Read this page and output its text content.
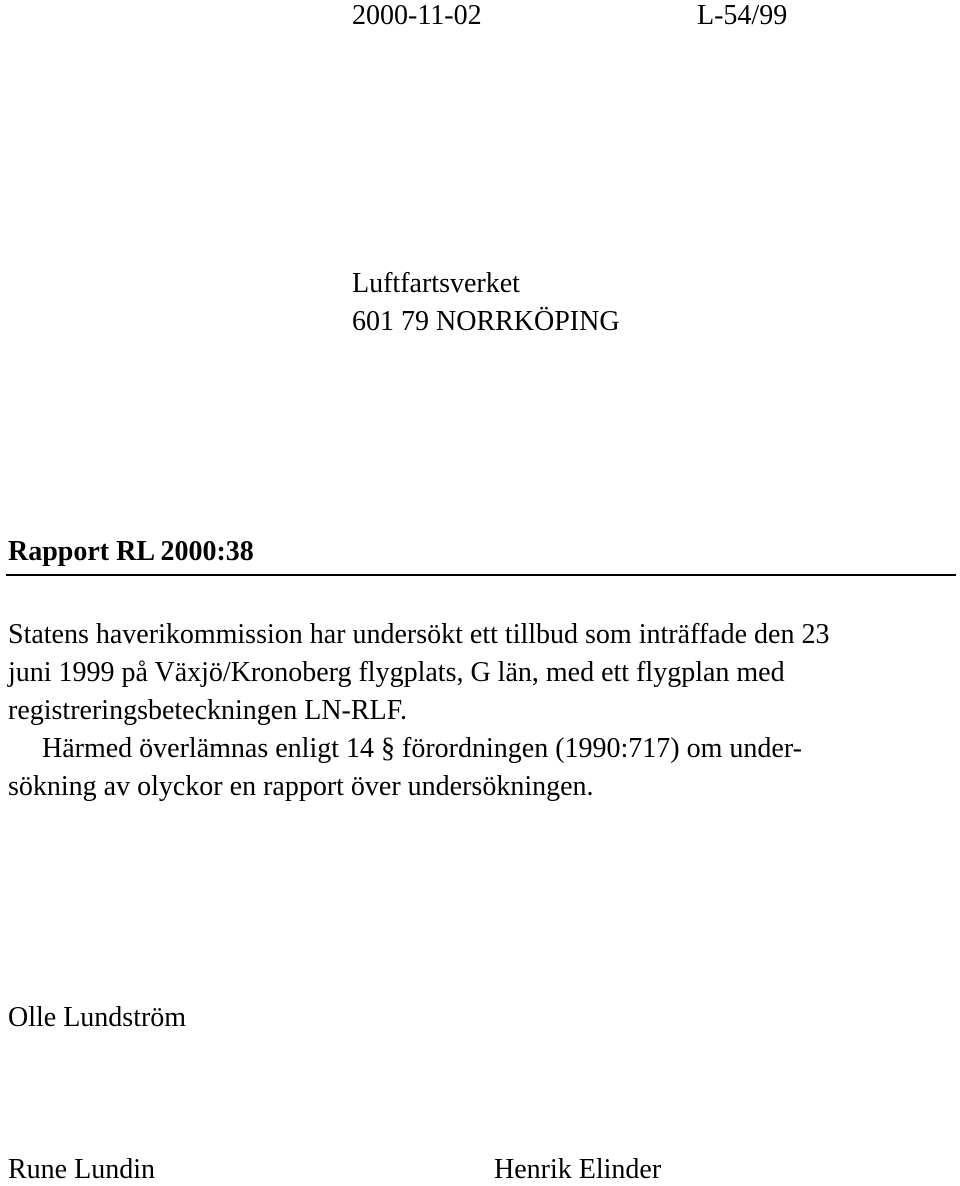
2000-11-02	L-54/99
Luftfartsverket
601 79 NORRKÖPING
Rapport RL 2000:38
Statens haverikommission har undersökt ett tillbud som inträffade den 23
juni 1999 på Växjö/Kronoberg flygplats, G län, med ett flygplan med
registreringsbeteckningen LN-RLF.
Härmed överlämnas enligt 14 § förordningen (1990:717) om under-
sökning av olyckor en rapport över undersökningen.
Olle Lundström
Rune Lundin	Henrik Elinder
